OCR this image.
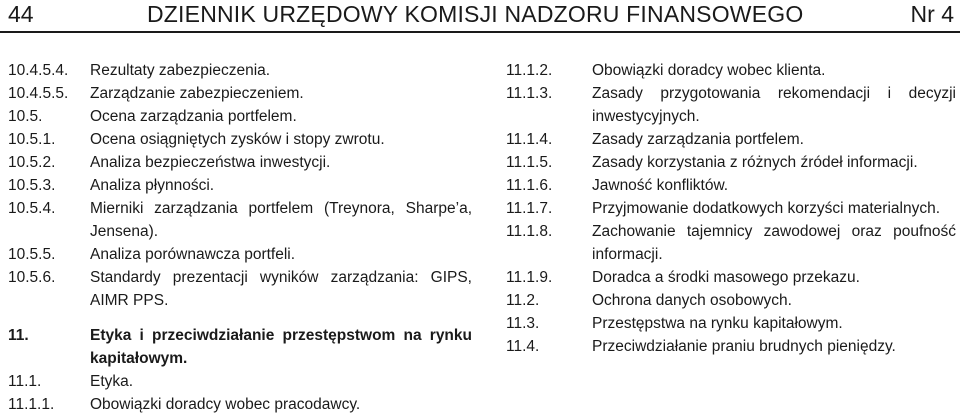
44	DZIENNIK URZĘDOWY KOMISJI NADZORU FINANSOWEGO	Nr 4
10.4.5.4. Rezultaty zabezpieczenia.
10.4.5.5. Zarządzanie zabezpieczeniem.
10.5.	Ocena zarządzania portfelem.
10.5.1. Ocena osiągniętych zysków i stopy zwrotu.
10.5.2. Analiza bezpieczeństwa inwestycji.
10.5.3. Analiza płynności.
10.5.4. Mierniki zarządzania portfelem (Treynora, Sharpe’a, Jensena).
10.5.5. Analiza porównawcza portfeli.
10.5.6. Standardy prezentacji wyników zarządzania: GIPS, AIMR PPS.
11.	Etyka i przeciwdziałanie przestępstwom na rynku kapitałowym.
11.1.	Etyka.
11.1.1. Obowiązki doradcy wobec pracodawcy.
11.1.2.	Obowiązki doradcy wobec klienta.
11.1.3.	Zasady przygotowania rekomendacji i decyzji inwestycyjnych.
11.1.4.	Zasady zarządzania portfelem.
11.1.5.	Zasady korzystania z różnych źródeł informacji.
11.1.6.	Jawność konfliktów.
11.1.7.	Przyjmowanie dodatkowych korzyści materialnych.
11.1.8.	Zachowanie tajemnicy zawodowej oraz poufność informacji.
11.1.9.	Doradca a środki masowego przekazu.
11.2.	Ochrona danych osobowych.
11.3.	Przestępstwa na rynku kapitałowym.
11.4.	Przeciwdziałanie praniu brudnych pieniędzy.
